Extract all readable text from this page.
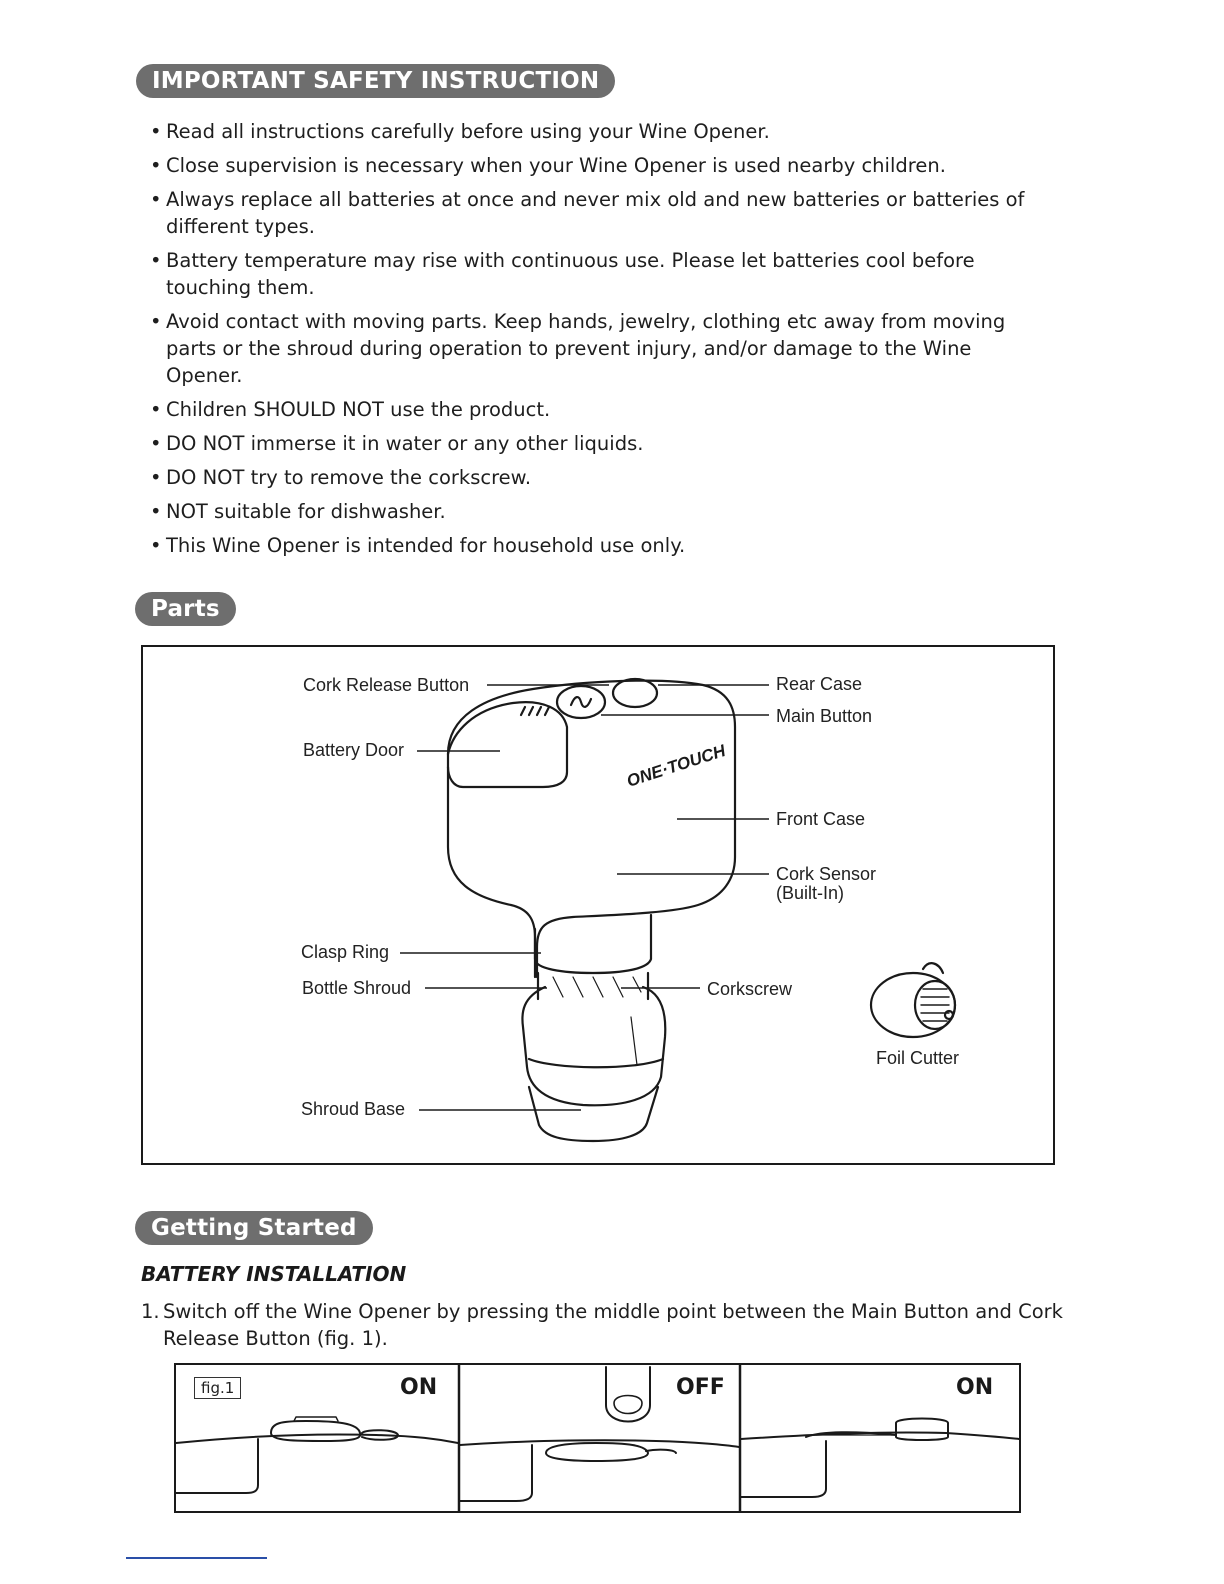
IMPORTANT SAFETY INSTRUCTION
• Read all instructions carefully before using your Wine Opener.
• Close supervision is necessary when your Wine Opener is used nearby children.
• Always replace all batteries at once and never mix old and new batteries or batteries of different types.
• Battery temperature may rise with continuous use. Please let batteries cool before touching them.
• Avoid contact with moving parts. Keep hands, jewelry, clothing etc away from moving parts or the shroud during operation to prevent injury, and/or damage to the Wine Opener.
• Children SHOULD NOT use the product.
• DO NOT immerse it in water or any other liquids.
• DO NOT try to remove the corkscrew.
• NOT suitable for dishwasher.
• This Wine Opener is intended for household use only.
Parts
ONE·TOUCH
Cork Release Button
Battery Door
Clasp Ring
Bottle Shroud
Shroud Base
Rear Case
Main Button
Front Case
Cork Sensor
(Built-In)
Corkscrew
Foil Cutter
Getting Started
BATTERY INSTALLATION
1. Switch off the Wine Opener by pressing the middle point between the Main Button and Cork Release Button (fig. 1).
fig.1	ON	OFF	ON
